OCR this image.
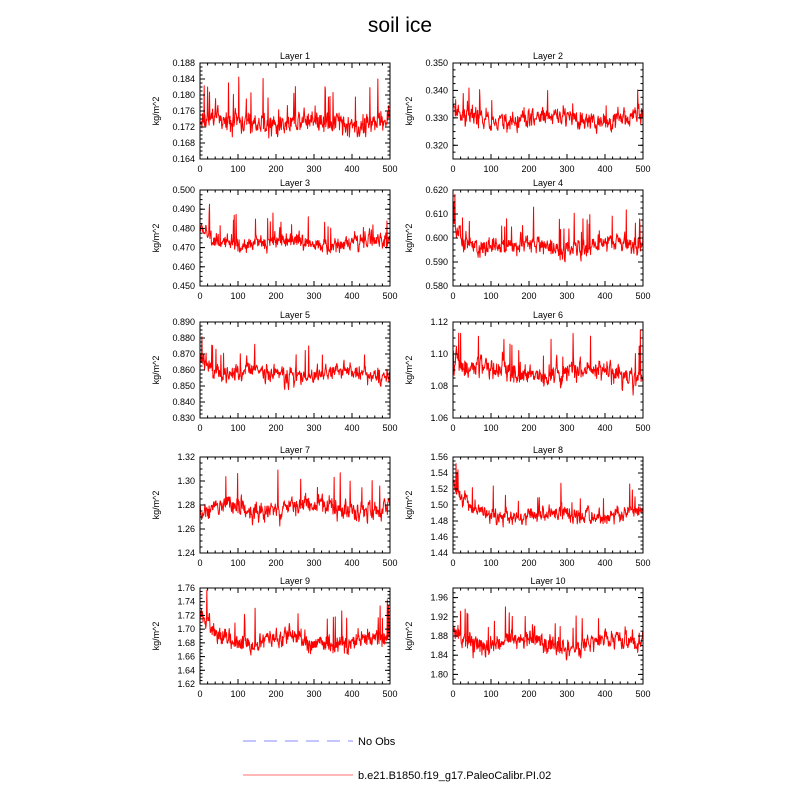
soil ice
Layer 1
0	100	200	300	400	500
0.164
0.168
0.172
0.176
0.180
0.184
0.188
kg/m^2
Layer 2
0	100	200	300	400	500
0.320
0.330
0.340
0.350
kg/m^2
Layer 3
0	100	200	300	400	500
0.450
0.460
0.470
0.480
0.490
0.500
kg/m^2
Layer 4
0	100	200	300	400	500
0.580
0.590
0.600
0.610
0.620
kg/m^2
Layer 5
0	100	200	300	400	500
0.830
0.840
0.850
0.860
0.870
0.880
0.890
kg/m^2
Layer 6
0	100	200	300	400	500
1.06
1.08
1.10
1.12
kg/m^2
Layer 7
0	100	200	300	400	500
1.24
1.26
1.28
1.30
1.32
kg/m^2
Layer 8
0	100	200	300	400	500
1.44
1.46
1.48
1.50
1.52
1.54
1.56
kg/m^2
Layer 9
0	100	200	300	400	500
1.62
1.64
1.66
1.68
1.70
1.72
1.74
1.76
kg/m^2
Layer 10
0	100	200	300	400	500
1.80
1.84
1.88
1.92
1.96
kg/m^2
No Obs
b.e21.B1850.f19_g17.PaleoCalibr.PI.02
